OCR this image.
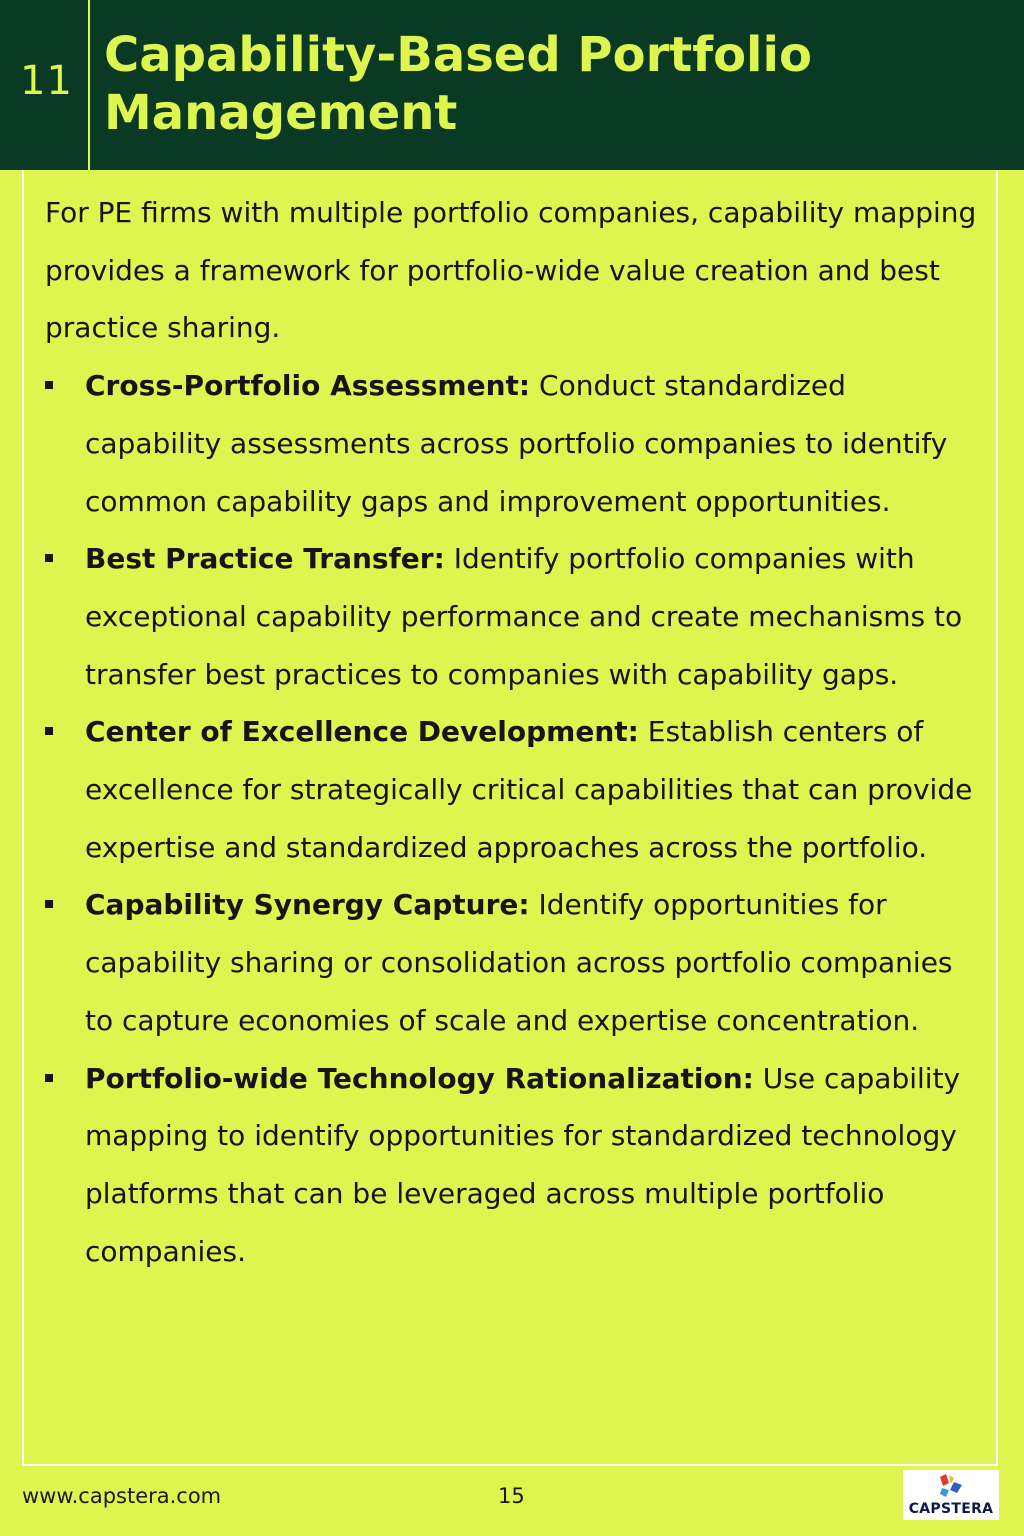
11 Capability-Based Portfolio Management

For PE firms with multiple portfolio companies, capability mapping provides a framework for portfolio-wide value creation and best practice sharing.

Cross-Portfolio Assessment: Conduct standardized capability assessments across portfolio companies to identify common capability gaps and improvement opportunities.
Best Practice Transfer: Identify portfolio companies with exceptional capability performance and create mechanisms to transfer best practices to companies with capability gaps.
Center of Excellence Development: Establish centers of excellence for strategically critical capabilities that can provide expertise and standardized approaches across the portfolio.
Capability Synergy Capture: Identify opportunities for capability sharing or consolidation across portfolio companies to capture economies of scale and expertise concentration.
Portfolio-wide Technology Rationalization: Use capability mapping to identify opportunities for standardized technology platforms that can be leveraged across multiple portfolio companies.
www.capstera.com	15
CAPSTERA
